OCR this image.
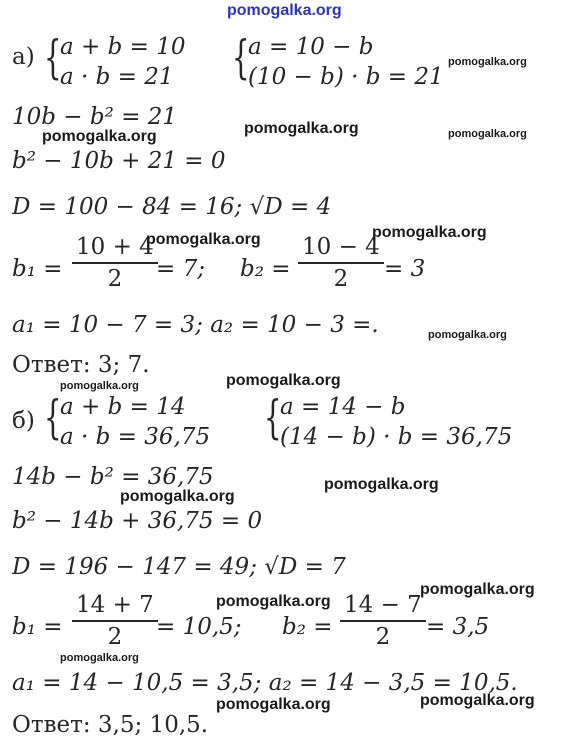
pomogalka.org
а) {
a + b = 10
a · b = 21 {
a = 10 − b
(10 − b) · b = 21
pomogalka.org
10b − b² = 21
pomogalka.org	pomogalka.org	pomogalka.org
b² − 10b + 21 = 0
D = 100 − 84 = 16; √D = 4
b₁ =
10 + 4
2 = 7;
pomogalka.org
b₂ =
10 − 4
2 = 3
pomogalka.org
a₁ = 10 − 7 = 3; a₂ = 10 − 3 =.	pomogalka.org
Ответ: 3; 7.
pomogalka.org	pomogalka.org
б) {
a + b = 14
a · b = 36,75 {
a = 14 − b
(14 − b) · b = 36,75
14b − b² = 36,75
pomogalka.org
pomogalka.org
b² − 14b + 36,75 = 0
D = 196 − 147 = 49; √D = 7
pomogalka.org
b₁ =
14 + 7
2 = 10,5;
pomogalka.org
b₂ =
14 − 7
2 = 3,5
pomogalka.org
a₁ = 14 − 10,5 = 3,5; a₂ = 14 − 3,5 = 10,5.
Ответ: 3,5; 10,5.
pomogalka.org	pomogalka.org
